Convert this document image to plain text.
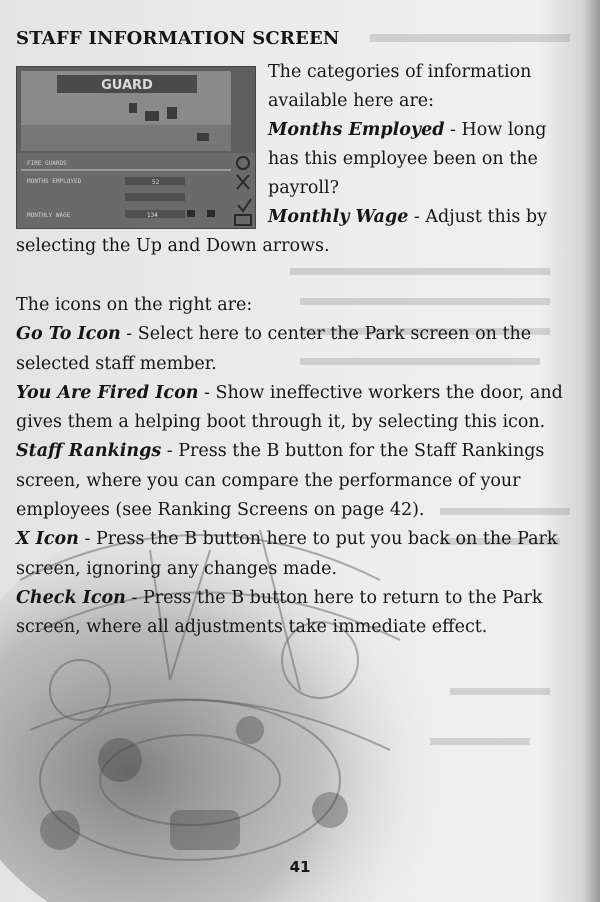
STAFF INFORMATION SCREEN
GUARD
FIRE GUARDS
MONTHS EMPLOYED	52
MONTHLY WAGE	134

The categories of information

available here are:

Months Employed - How long has this employee been on the payroll?

Monthly Wage - Adjust this by

selecting the Up and Down arrows.

The icons on the right are:

Go To Icon - Select here to center the Park screen on the selected staff member.

You Are Fired Icon - Show ineffective workers the door, and gives them a helping boot through it, by selecting this icon.

Staff Rankings - Press the B button for the Staff Rankings screen, where you can compare the performance of your employees (see Ranking Screens on page 42).

X Icon - Press the B button here to put you back on the Park screen, ignoring any changes made.

Check Icon - Press the B button here to return to the Park screen, where all adjustments take immediate effect.

41
